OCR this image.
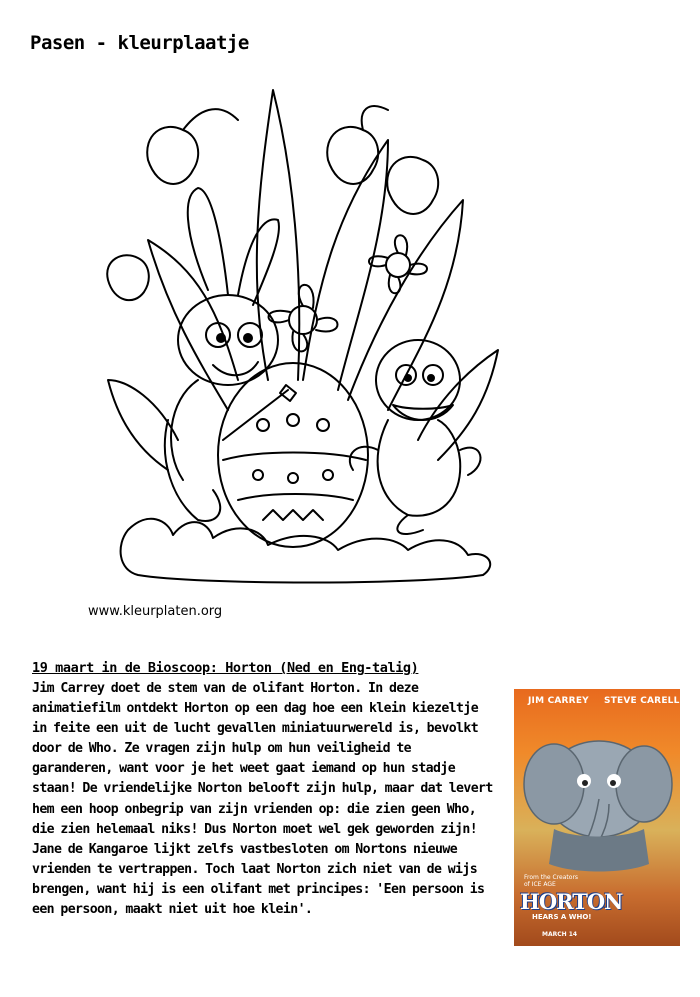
Pasen - kleurplaatje
www.kleurplaten.org
19 maart in de Bioscoop: Horton (Ned en Eng-talig)
Jim Carrey doet de stem van de olifant Horton. In deze
animatiefilm ontdekt Horton op een dag hoe een klein kiezeltje
in feite een uit de lucht gevallen miniatuurwereld is, bevolkt
door de Who. Ze vragen zijn hulp om hun veiligheid te
garanderen, want voor je het weet gaat iemand op hun stadje
staan! De vriendelijke Norton belooft zijn hulp, maar dat levert
hem een hoop onbegrip van zijn vrienden op: die zien geen Who,
die zien helemaal niks! Dus Norton moet wel gek geworden zijn!
Jane de Kangaroe lijkt zelfs vastbesloten om Nortons nieuwe
vrienden te vertrappen. Toch laat Norton zich niet van de wijs
brengen, want hij is een olifant met principes: 'Een persoon is
een persoon, maakt niet uit hoe klein'.
JIM CARREY STEVE CARELL
From the Creators of ICE AGE
HORTON
HEARS A WHO!
MARCH 14
